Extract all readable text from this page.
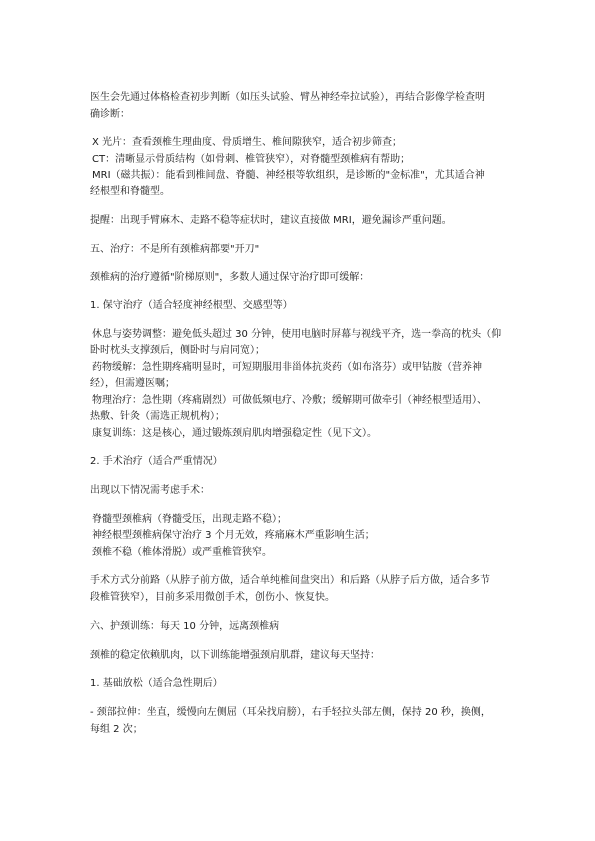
医生会先通过体格检查初步判断（如压头试验、臂丛神经牵拉试验），再结合影像学检查明
确诊断：
X 光片：查看颈椎生理曲度、骨质增生、椎间隙狭窄，适合初步筛查；
CT：清晰显示骨质结构（如骨刺、椎管狭窄），对脊髓型颈椎病有帮助；
MRI（磁共振）：能看到椎间盘、脊髓、神经根等软组织，是诊断的"金标准"，尤其适合神
经根型和脊髓型。
提醒：出现手臂麻木、走路不稳等症状时，建议直接做 MRI，避免漏诊严重问题。
五、治疗：不是所有颈椎病都要"开刀"
颈椎病的治疗遵循"阶梯原则"，多数人通过保守治疗即可缓解：
1. 保守治疗（适合轻度神经根型、交感型等）
休息与姿势调整：避免低头超过 30 分钟，使用电脑时屏幕与视线平齐，选一拳高的枕头（仰
卧时枕头支撑颈后，侧卧时与肩同宽）；
药物缓解：急性期疼痛明显时，可短期服用非甾体抗炎药（如布洛芬）或甲钴胺（营养神
经），但需遵医嘱；
物理治疗：急性期（疼痛剧烈）可做低频电疗、冷敷；缓解期可做牵引（神经根型适用）、
热敷、针灸（需选正规机构）；
康复训练：这是核心，通过锻炼颈肩肌肉增强稳定性（见下文）。
2. 手术治疗（适合严重情况）
出现以下情况需考虑手术：
脊髓型颈椎病（脊髓受压，出现走路不稳）；
神经根型颈椎病保守治疗 3 个月无效，疼痛麻木严重影响生活；
颈椎不稳（椎体滑脱）或严重椎管狭窄。
手术方式分前路（从脖子前方做，适合单纯椎间盘突出）和后路（从脖子后方做，适合多节
段椎管狭窄），目前多采用微创手术，创伤小、恢复快。
六、护颈训练：每天 10 分钟，远离颈椎病
颈椎的稳定依赖肌肉，以下训练能增强颈肩肌群，建议每天坚持：
1. 基础放松（适合急性期后）
- 颈部拉伸：坐直，缓慢向左侧屈（耳朵找肩膀），右手轻拉头部左侧，保持 20 秒，换侧，
每组 2 次；
